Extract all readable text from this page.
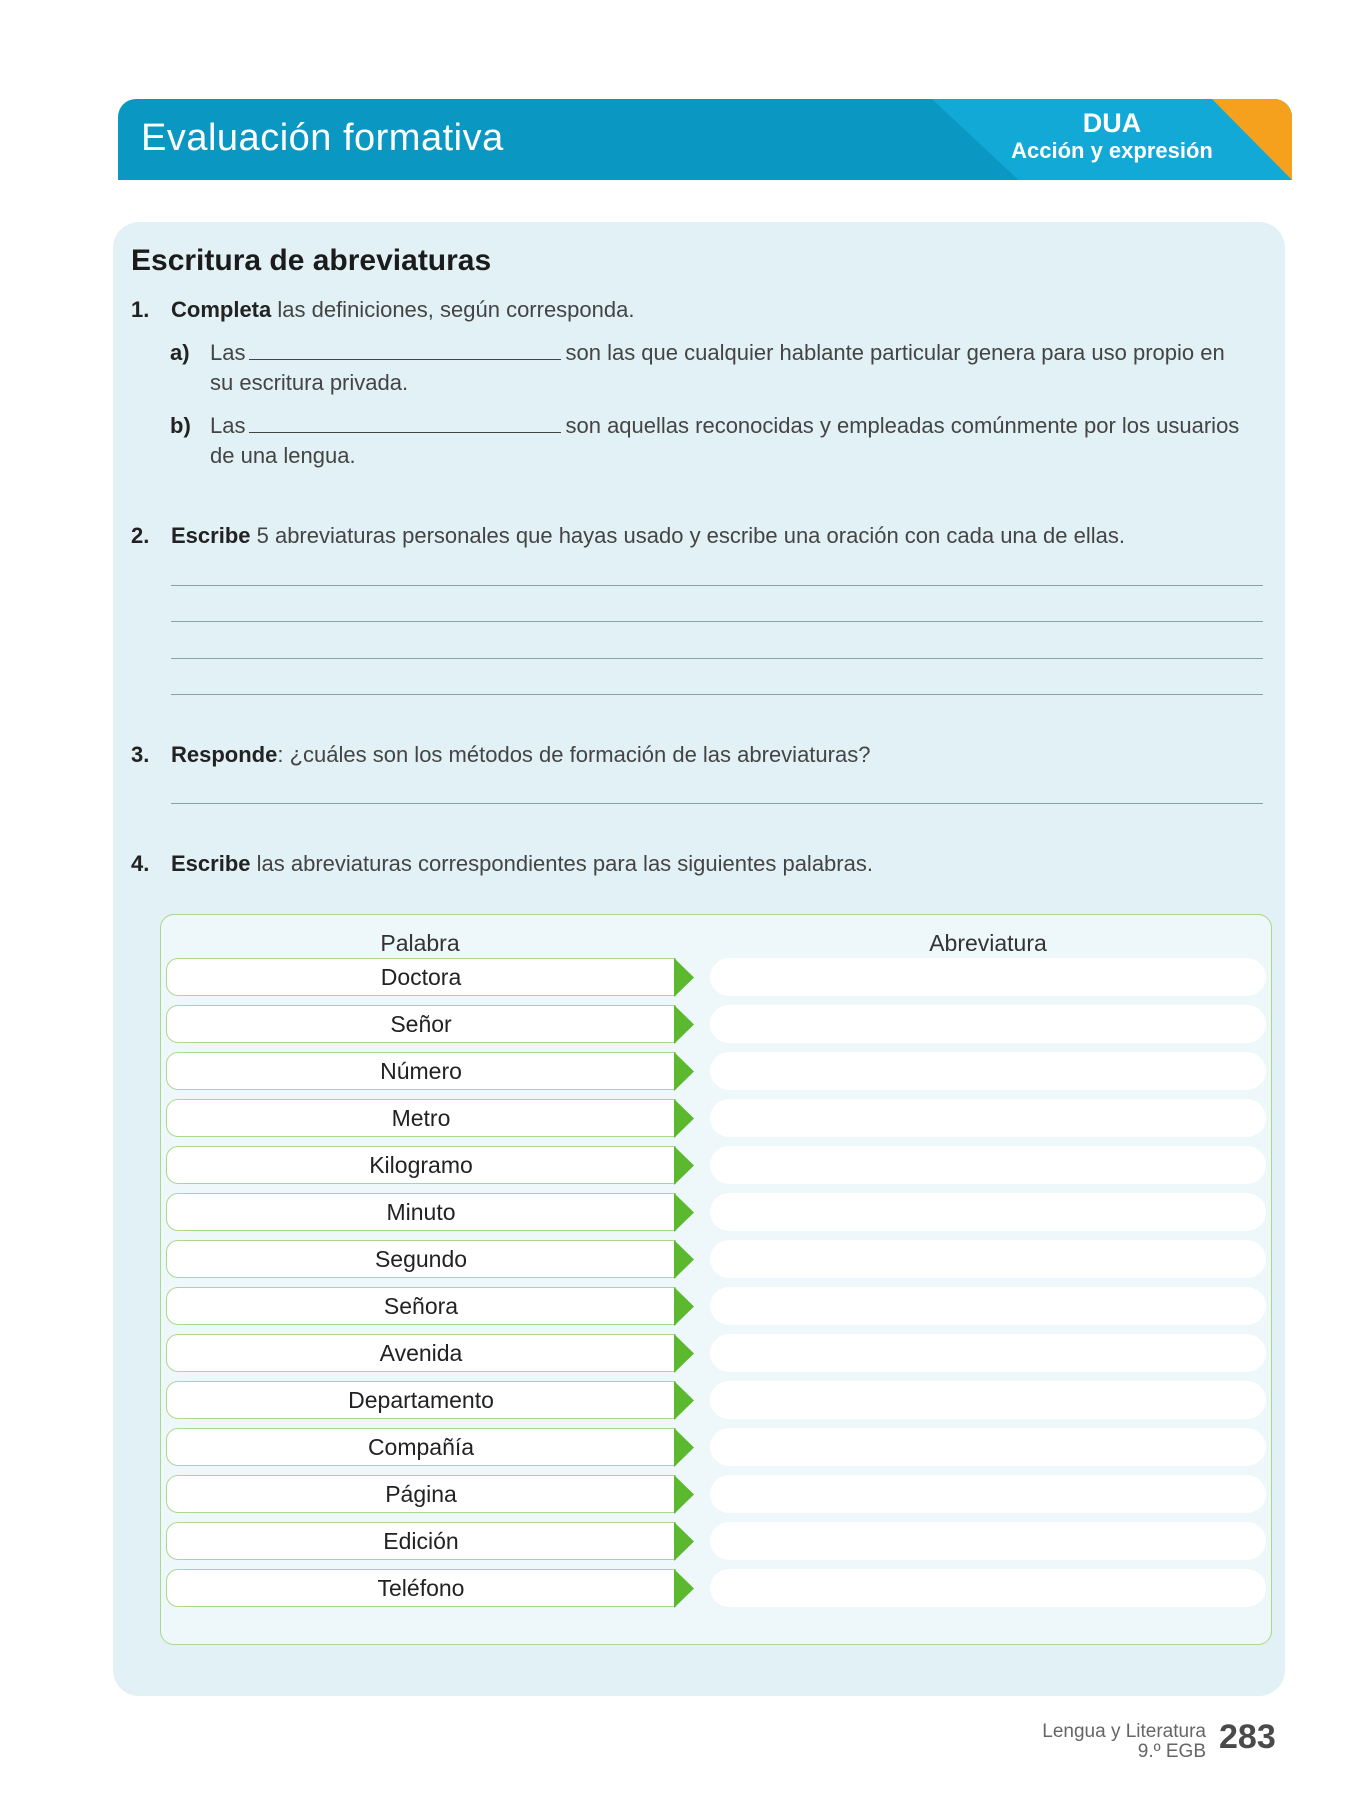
Evaluación formativa	DUA
Acción y expresión
Escritura de abreviaturas
1. Completa las definiciones, según corresponda.
a) Las	son las que cualquier hablante particular genera para uso propio en
su escritura privada.
b) Las	son aquellas reconocidas y empleadas comúnmente por los usuarios
de una lengua.
2. Escribe 5 abreviaturas personales que hayas usado y escribe una oración con cada una de ellas.
3. Responde: ¿cuáles son los métodos de formación de las abreviaturas?
4. Escribe las abreviaturas correspondientes para las siguientes palabras.
Palabra	Abreviatura
Doctora
Señor
Número
Metro
Kilogramo
Minuto
Segundo
Señora
Avenida
Departamento
Compañía
Página
Edición
Teléfono
Lengua y Literatura
9.º EGB 283
